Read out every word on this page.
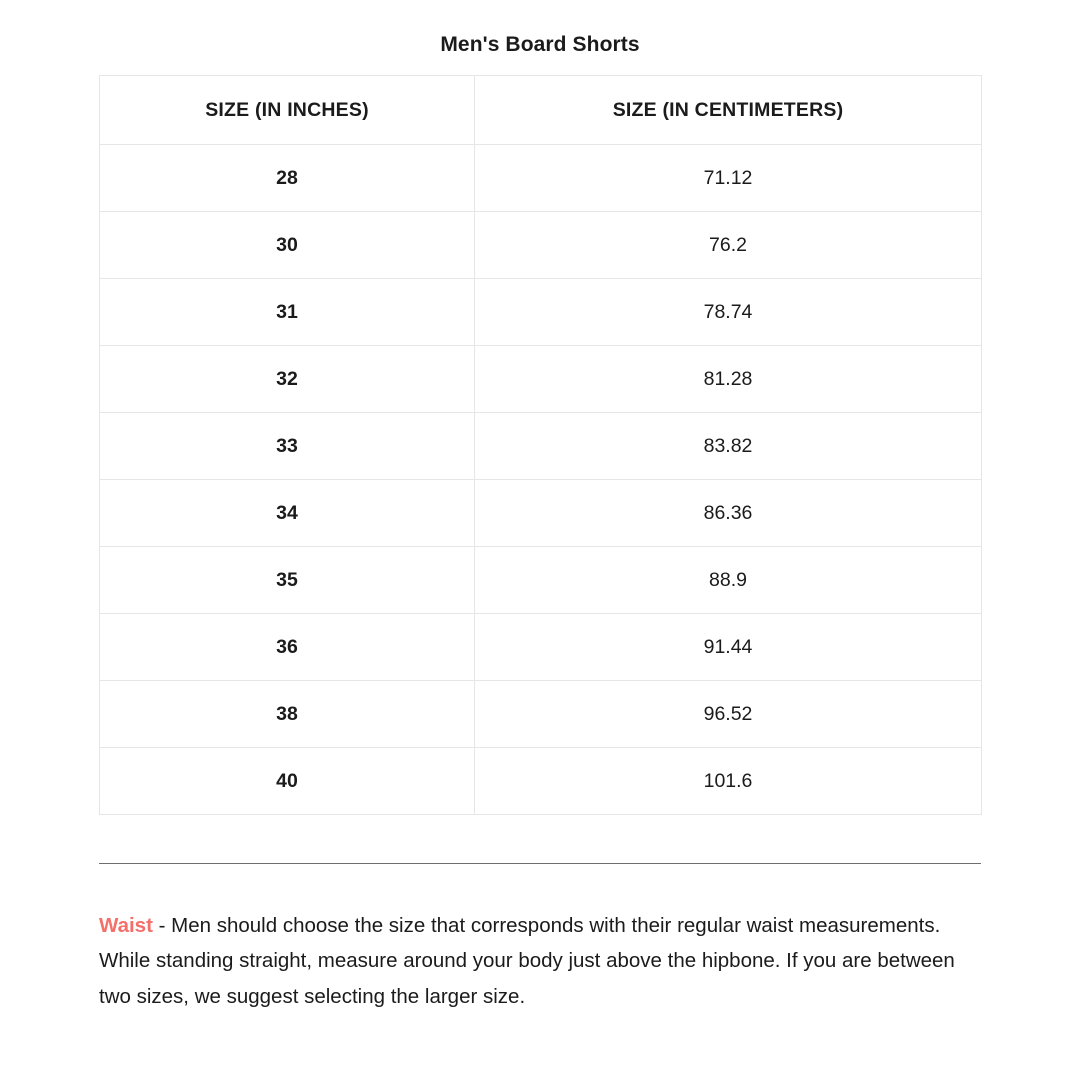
Men's Board Shorts
SIZE (IN INCHES)	SIZE (IN CENTIMETERS)
28	71.12
30	76.2
31	78.74
32	81.28
33	83.82
34	86.36
35	88.9
36	91.44
38	96.52
40	101.6

Waist - Men should choose the size that corresponds with their regular waist measurements. While standing straight, measure around your body just above the hipbone. If you are between two sizes, we suggest selecting the larger size.
